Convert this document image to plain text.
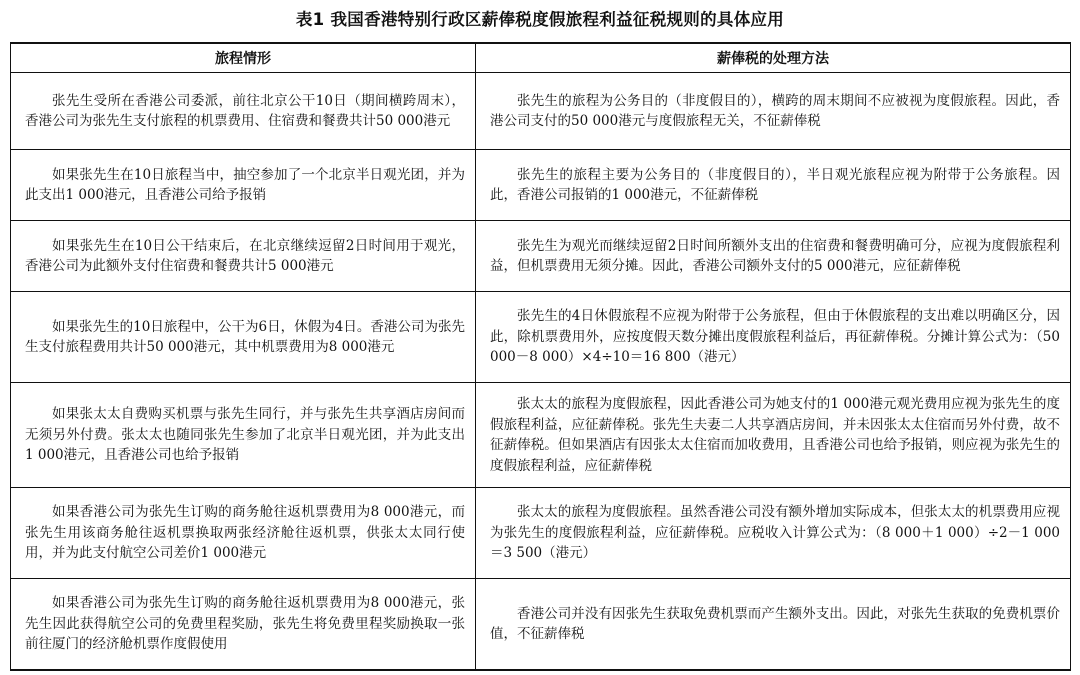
表1 我国香港特别行政区薪俸税度假旅程利益征税规则的具体应用
旅程情形	薪俸税的处理方法
张先生受所在香港公司委派，前往北京公干10日（期间横跨周末），香港公司为张先生支付旅程的机票费用、住宿费和餐费共计50 000港元	张先生的旅程为公务目的（非度假目的），横跨的周末期间不应被视为度假旅程。因此，香港公司支付的50 000港元与度假旅程无关，不征薪俸税
如果张先生在10日旅程当中，抽空参加了一个北京半日观光团，并为此支出1 000港元，且香港公司给予报销	张先生的旅程主要为公务目的（非度假目的），半日观光旅程应视为附带于公务旅程。因此，香港公司报销的1 000港元，不征薪俸税
如果张先生在10日公干结束后，在北京继续逗留2日时间用于观光，香港公司为此额外支付住宿费和餐费共计5 000港元	张先生为观光而继续逗留2日时间所额外支出的住宿费和餐费明确可分，应视为度假旅程利益，但机票费用无须分摊。因此，香港公司额外支付的5 000港元，应征薪俸税
如果张先生的10日旅程中，公干为6日，休假为4日。香港公司为张先生支付旅程费用共计50 000港元，其中机票费用为8 000港元	张先生的4日休假旅程不应视为附带于公务旅程，但由于休假旅程的支出难以明确区分，因此，除机票费用外，应按度假天数分摊出度假旅程利益后，再征薪俸税。分摊计算公式为：（50 000－8 000）×4÷10＝16 800（港元）
如果张太太自费购买机票与张先生同行，并与张先生共享酒店房间而无须另外付费。张太太也随同张先生参加了北京半日观光团，并为此支出1 000港元，且香港公司也给予报销	张太太的旅程为度假旅程，因此香港公司为她支付的1 000港元观光费用应视为张先生的度假旅程利益，应征薪俸税。张先生夫妻二人共享酒店房间，并未因张太太住宿而另外付费，故不征薪俸税。但如果酒店有因张太太住宿而加收费用，且香港公司也给予报销，则应视为张先生的度假旅程利益，应征薪俸税
如果香港公司为张先生订购的商务舱往返机票费用为8 000港元，而张先生用该商务舱往返机票换取两张经济舱往返机票，供张太太同行使用，并为此支付航空公司差价1 000港元	张太太的旅程为度假旅程。虽然香港公司没有额外增加实际成本，但张太太的机票费用应视为张先生的度假旅程利益，应征薪俸税。应税收入计算公式为：（8 000＋1 000）÷2－1 000＝3 500（港元）
如果香港公司为张先生订购的商务舱往返机票费用为8 000港元，张先生因此获得航空公司的免费里程奖励，张先生将免费里程奖励换取一张前往厦门的经济舱机票作度假使用	香港公司并没有因张先生获取免费机票而产生额外支出。因此，对张先生获取的免费机票价值，不征薪俸税
